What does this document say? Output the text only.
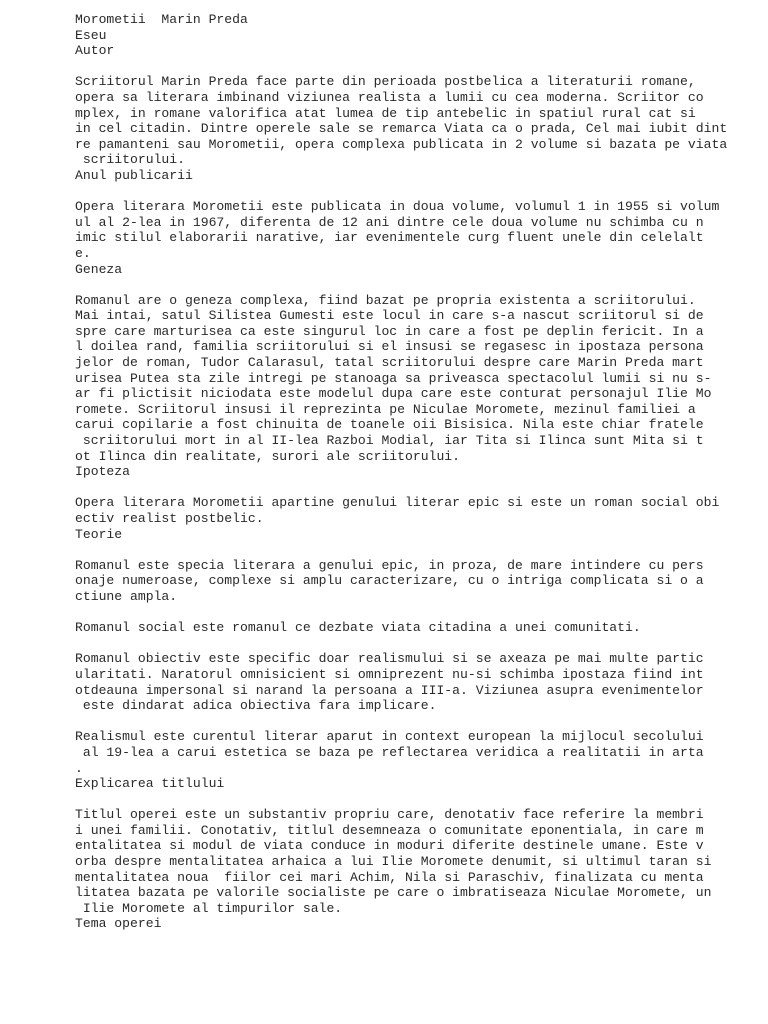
Morometii  Marin Preda
Eseu
Autor
Scriitorul Marin Preda face parte din perioada postbelica a literaturii romane,
opera sa literara imbinand viziunea realista a lumii cu cea moderna. Scriitor co
mplex, in romane valorifica atat lumea de tip antebelic in spatiul rural cat si
in cel citadin. Dintre operele sale se remarca Viata ca o prada, Cel mai iubit dint
re pamanteni sau Morometii, opera complexa publicata in 2 volume si bazata pe viata
scriitorului.
Anul publicarii
Opera literara Morometii este publicata in doua volume, volumul 1 in 1955 si volum
ul al 2-lea in 1967, diferenta de 12 ani dintre cele doua volume nu schimba cu n
imic stilul elaborarii narative, iar evenimentele curg fluent unele din celelalt
e.
Geneza
Romanul are o geneza complexa, fiind bazat pe propria existenta a scriitorului.
Mai intai, satul Silistea Gumesti este locul in care s-a nascut scriitorul si de
spre care marturisea ca este singurul loc in care a fost pe deplin fericit. In a
l doilea rand, familia scriitorului si el insusi se regasesc in ipostaza persona
jelor de roman, Tudor Calarasul, tatal scriitorului despre care Marin Preda mart
urisea Putea sta zile intregi pe stanoaga sa priveasca spectacolul lumii si nu s-
ar fi plictisit niciodata este modelul dupa care este conturat personajul Ilie Mo
romete. Scriitorul insusi il reprezinta pe Niculae Moromete, mezinul familiei a
carui copilarie a fost chinuita de toanele oii Bisisica. Nila este chiar fratele
scriitorului mort in al II-lea Razboi Modial, iar Tita si Ilinca sunt Mita si t
ot Ilinca din realitate, surori ale scriitorului.
Ipoteza
Opera literara Morometii apartine genului literar epic si este un roman social obi
ectiv realist postbelic.
Teorie
Romanul este specia literara a genului epic, in proza, de mare intindere cu pers
onaje numeroase, complexe si amplu caracterizare, cu o intriga complicata si o a
ctiune ampla.
Romanul social este romanul ce dezbate viata citadina a unei comunitati.
Romanul obiectiv este specific doar realismului si se axeaza pe mai multe partic
ularitati. Naratorul omnisicient si omniprezent nu-si schimba ipostaza fiind int
otdeauna impersonal si narand la persoana a III-a. Viziunea asupra evenimentelor
este dindarat adica obiectiva fara implicare.
Realismul este curentul literar aparut in context european la mijlocul secolului
al 19-lea a carui estetica se baza pe reflectarea veridica a realitatii in arta
.
Explicarea titlului
Titlul operei este un substantiv propriu care, denotativ face referire la membri
i unei familii. Conotativ, titlul desemneaza o comunitate eponentiala, in care m
entalitatea si modul de viata conduce in moduri diferite destinele umane. Este v
orba despre mentalitatea arhaica a lui Ilie Moromete denumit, si ultimul taran si
mentalitatea noua  fiilor cei mari Achim, Nila si Paraschiv, finalizata cu menta
litatea bazata pe valorile socialiste pe care o imbratiseaza Niculae Moromete, un
Ilie Moromete al timpurilor sale.
Tema operei
